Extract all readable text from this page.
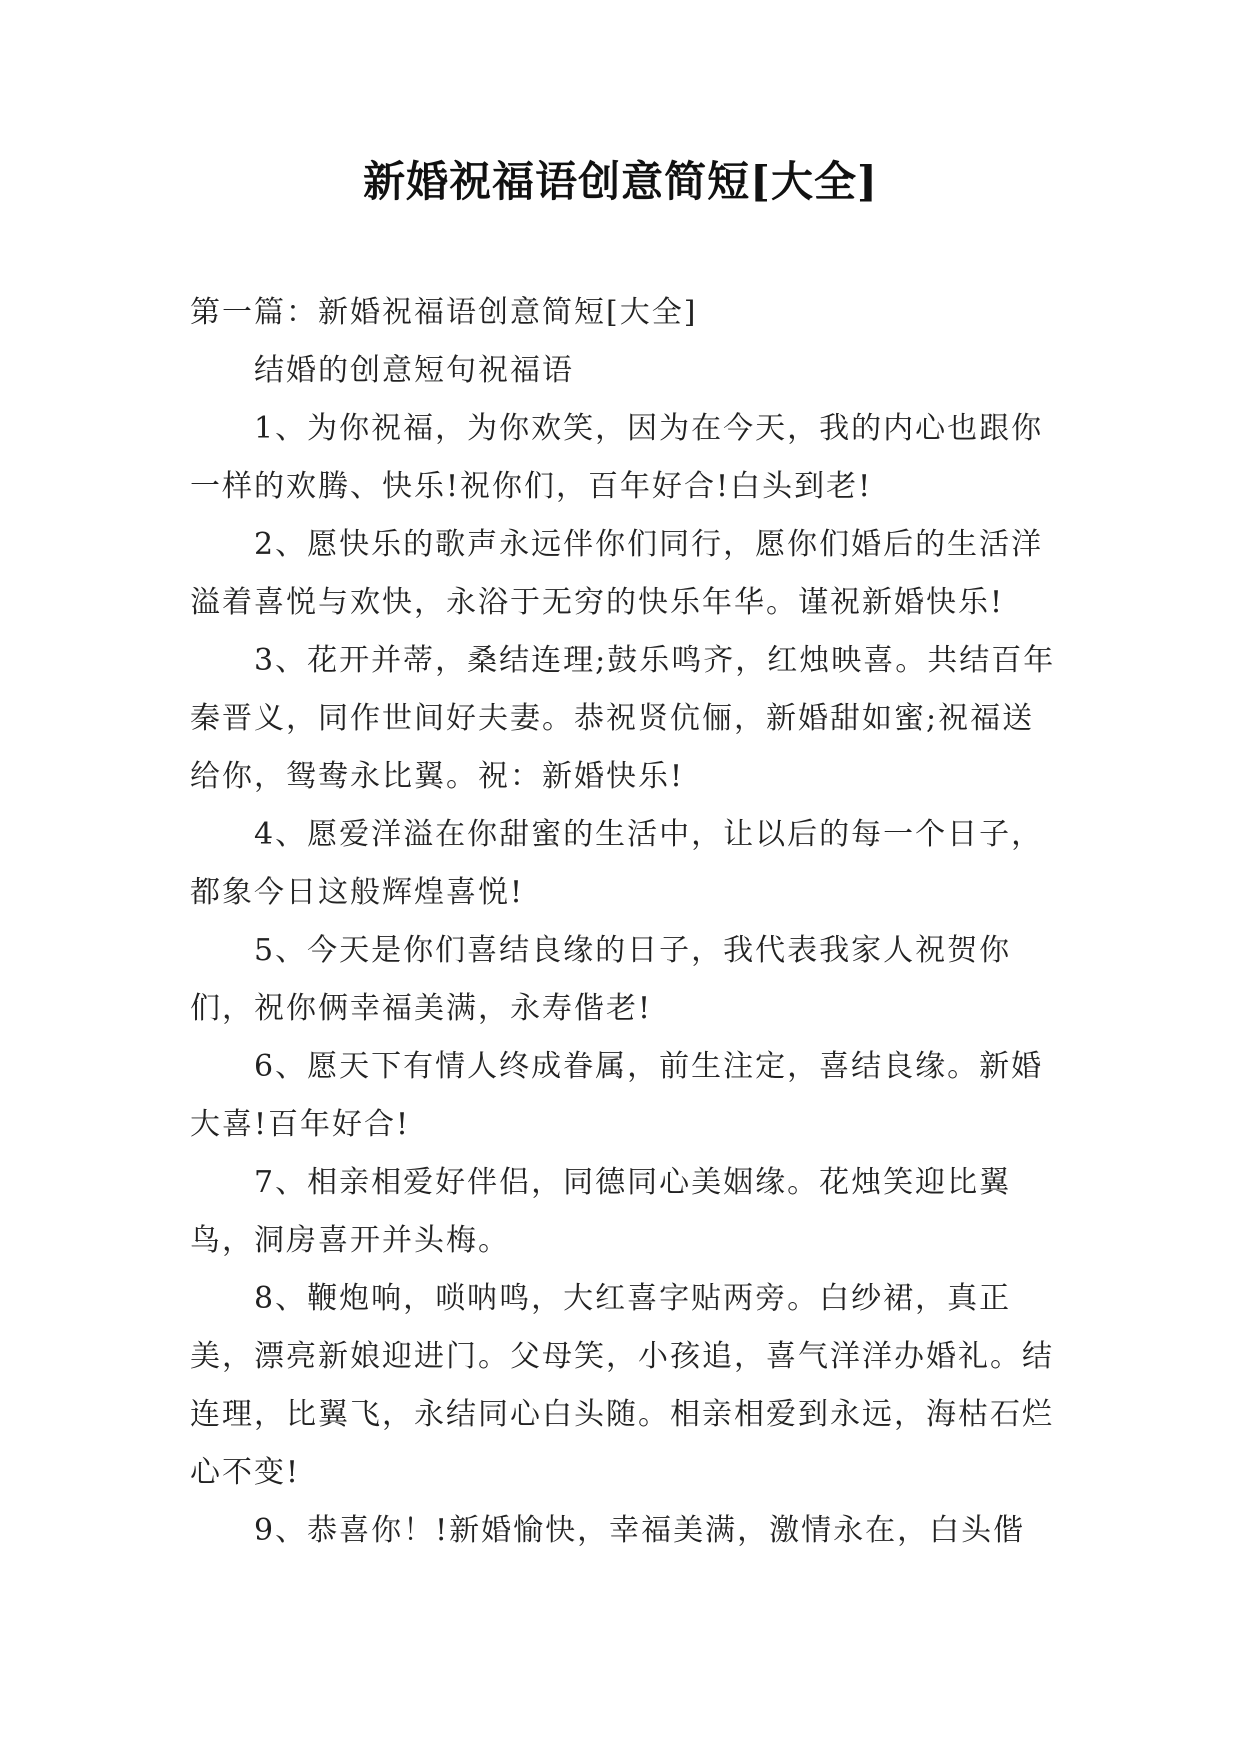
新婚祝福语创意简短[大全]

第一篇：新婚祝福语创意简短[大全]

结婚的创意短句祝福语

1、为你祝福，为你欢笑，因为在今天，我的内心也跟你一样的欢腾、快乐!祝你们，百年好合!白头到老!

2、愿快乐的歌声永远伴你们同行，愿你们婚后的生活洋溢着喜悦与欢快，永浴于无穷的快乐年华。谨祝新婚快乐!

3、花开并蒂，桑结连理;鼓乐鸣齐，红烛映喜。共结百年秦晋义，同作世间好夫妻。恭祝贤伉俪，新婚甜如蜜;祝福送给你，鸳鸯永比翼。祝：新婚快乐!

4、愿爱洋溢在你甜蜜的生活中，让以后的每一个日子，都象今日这般辉煌喜悦!

5、今天是你们喜结良缘的日子，我代表我家人祝贺你们，祝你俩幸福美满，永寿偕老!

6、愿天下有情人终成眷属，前生注定，喜结良缘。新婚大喜!百年好合!

7、相亲相爱好伴侣，同德同心美姻缘。花烛笑迎比翼鸟，洞房喜开并头梅。

8、鞭炮响，唢呐鸣，大红喜字贴两旁。白纱裙，真正美，漂亮新娘迎进门。父母笑，小孩追，喜气洋洋办婚礼。结连理，比翼飞，永结同心白头随。相亲相爱到永远，海枯石烂心不变!

9、恭喜你！!新婚愉快，幸福美满，激情永在，白头偕
